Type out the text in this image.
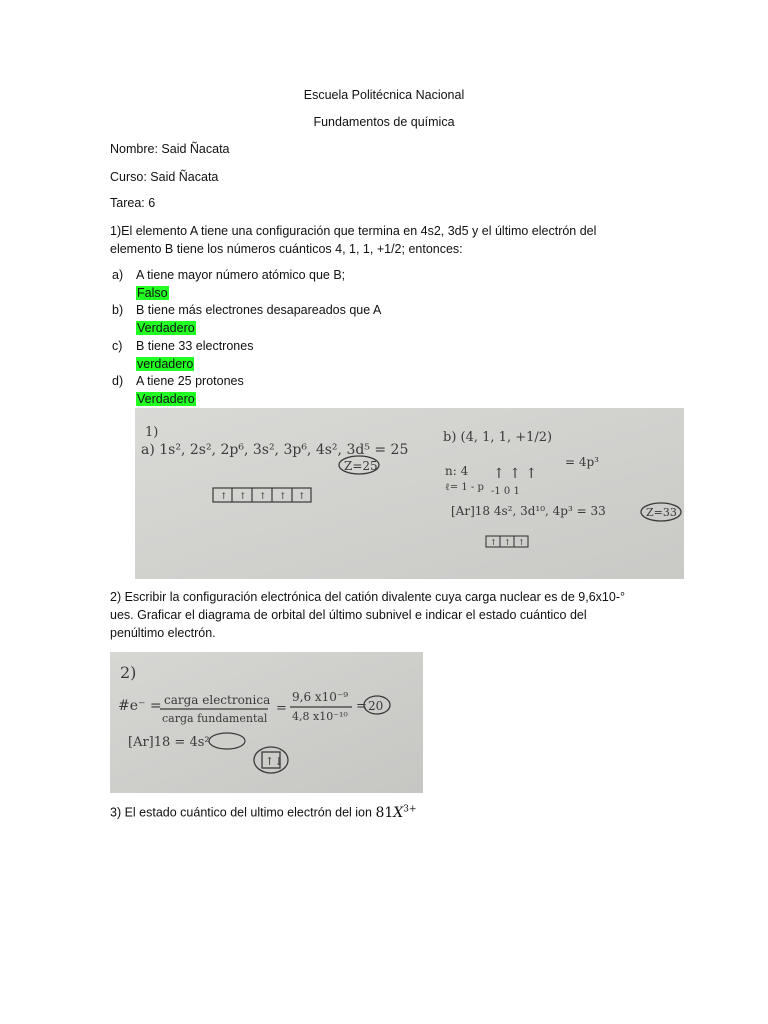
Escuela Politécnica Nacional
Fundamentos de química
Nombre: Said Ñacata
Curso: Said Ñacata
Tarea: 6
1)El elemento A tiene una configuración que termina en 4s2, 3d5 y el último electrón del
elemento B tiene los números cuánticos 4, 1, 1, +1/2; entonces:
a) A tiene mayor número atómico que B;
Falso
b) B tiene más electrones desapareados que A
Verdadero
c) B tiene 33 electrones
verdadero
d) A tiene 25 protones
Verdadero
1)
a) 1s², 2s², 2p⁶, 3s², 3p⁶, 4s², 3d⁵ = 25
Z=25
↑ ↑ ↑ ↑ ↑
b) (4, 1, 1, +1/2)
= 4p³
n: 4
ℓ= 1 - p
↑ ↑ ↑
-1 0 1
[Ar]18 4s², 3d¹⁰, 4p³ = 33	Z=33
↑ ↑ ↑
2) Escribir la configuración electrónica del catión divalente cuya carga nuclear es de 9,6x10-°
ues. Graficar el diagrama de orbital del último subnivel e indicar el estado cuántico del
penúltimo electrón.
2)
#e⁻ = carga electronica
carga fundamental
=
9,6 x10⁻⁹
4,8 x10⁻¹⁰
= 20
[Ar]18 = 4s²
↑↓
3) El estado cuántico del ultimo electrón del ion $81X^{3+}$
